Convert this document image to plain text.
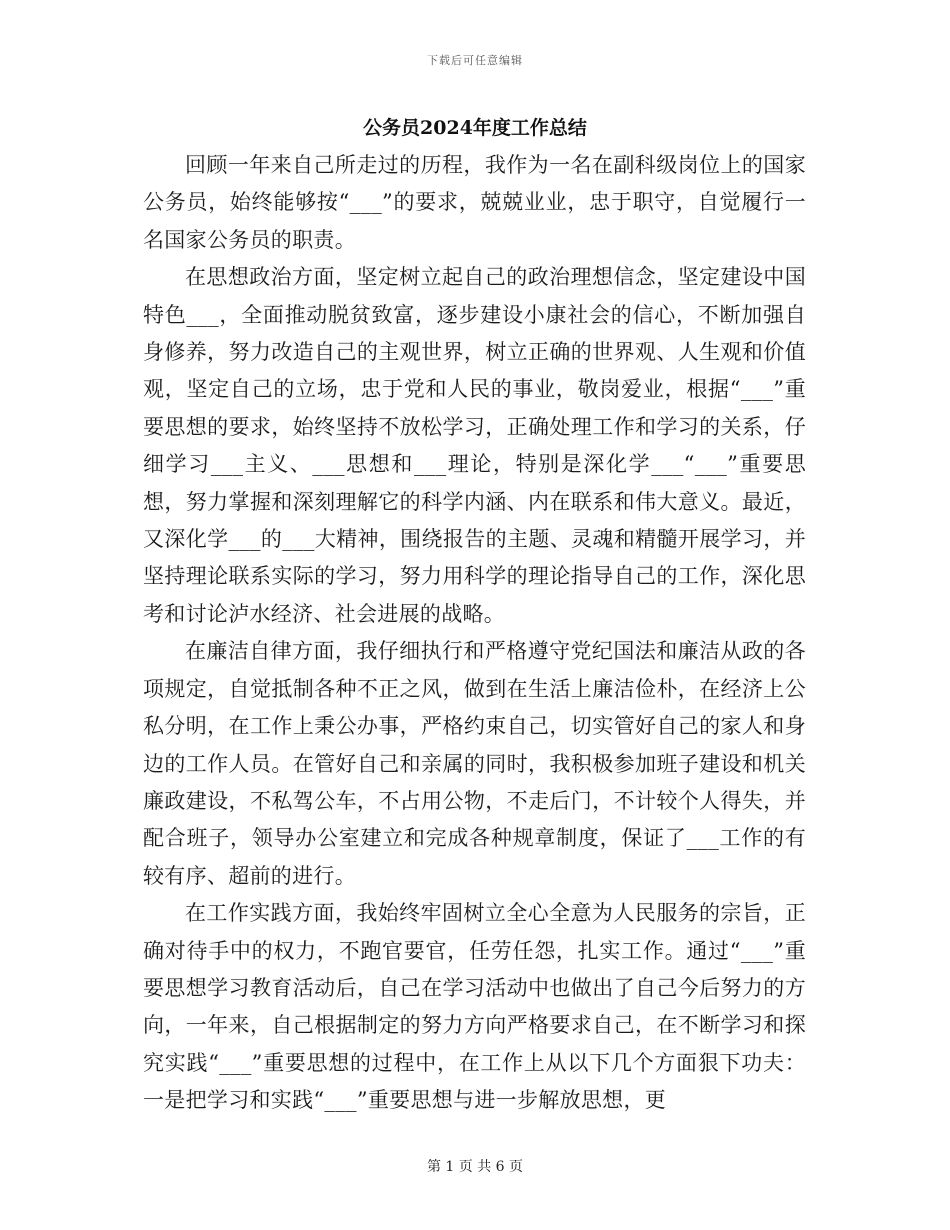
下载后可任意编辑
公务员2024年度工作总结

回顾一年来自己所走过的历程，我作为一名在副科级岗位上的国家公务员，始终能够按“___”的要求，兢兢业业，忠于职守，自觉履行一名国家公务员的职责。

在思想政治方面，坚定树立起自己的政治理想信念，坚定建设中国特色___，全面推动脱贫致富，逐步建设小康社会的信心，不断加强自身修养，努力改造自己的主观世界，树立正确的世界观、人生观和价值观，坚定自己的立场，忠于党和人民的事业，敬岗爱业，根据“___”重要思想的要求，始终坚持不放松学习，正确处理工作和学习的关系，仔细学习___主义、___思想和___理论，特别是深化学___“___”重要思想，努力掌握和深刻理解它的科学内涵、内在联系和伟大意义。最近，又深化学___的___大精神，围绕报告的主题、灵魂和精髓开展学习，并坚持理论联系实际的学习，努力用科学的理论指导自己的工作，深化思考和讨论泸水经济、社会进展的战略。

在廉洁自律方面，我仔细执行和严格遵守党纪国法和廉洁从政的各项规定，自觉抵制各种不正之风，做到在生活上廉洁俭朴，在经济上公私分明，在工作上秉公办事，严格约束自己，切实管好自己的家人和身边的工作人员。在管好自己和亲属的同时，我积极参加班子建设和机关廉政建设，不私驾公车，不占用公物，不走后门，不计较个人得失，并配合班子，领导办公室建立和完成各种规章制度，保证了___工作的有较有序、超前的进行。

在工作实践方面，我始终牢固树立全心全意为人民服务的宗旨，正确对待手中的权力，不跑官要官，任劳任怨，扎实工作。通过“___”重要思想学习教育活动后，自己在学习活动中也做出了自己今后努力的方向，一年来，自己根据制定的努力方向严格要求自己，在不断学习和探究实践“___”重要思想的过程中，在工作上从以下几个方面狠下功夫：一是把学习和实践“___”重要思想与进一步解放思想，更

第 1 页 共 6 页
